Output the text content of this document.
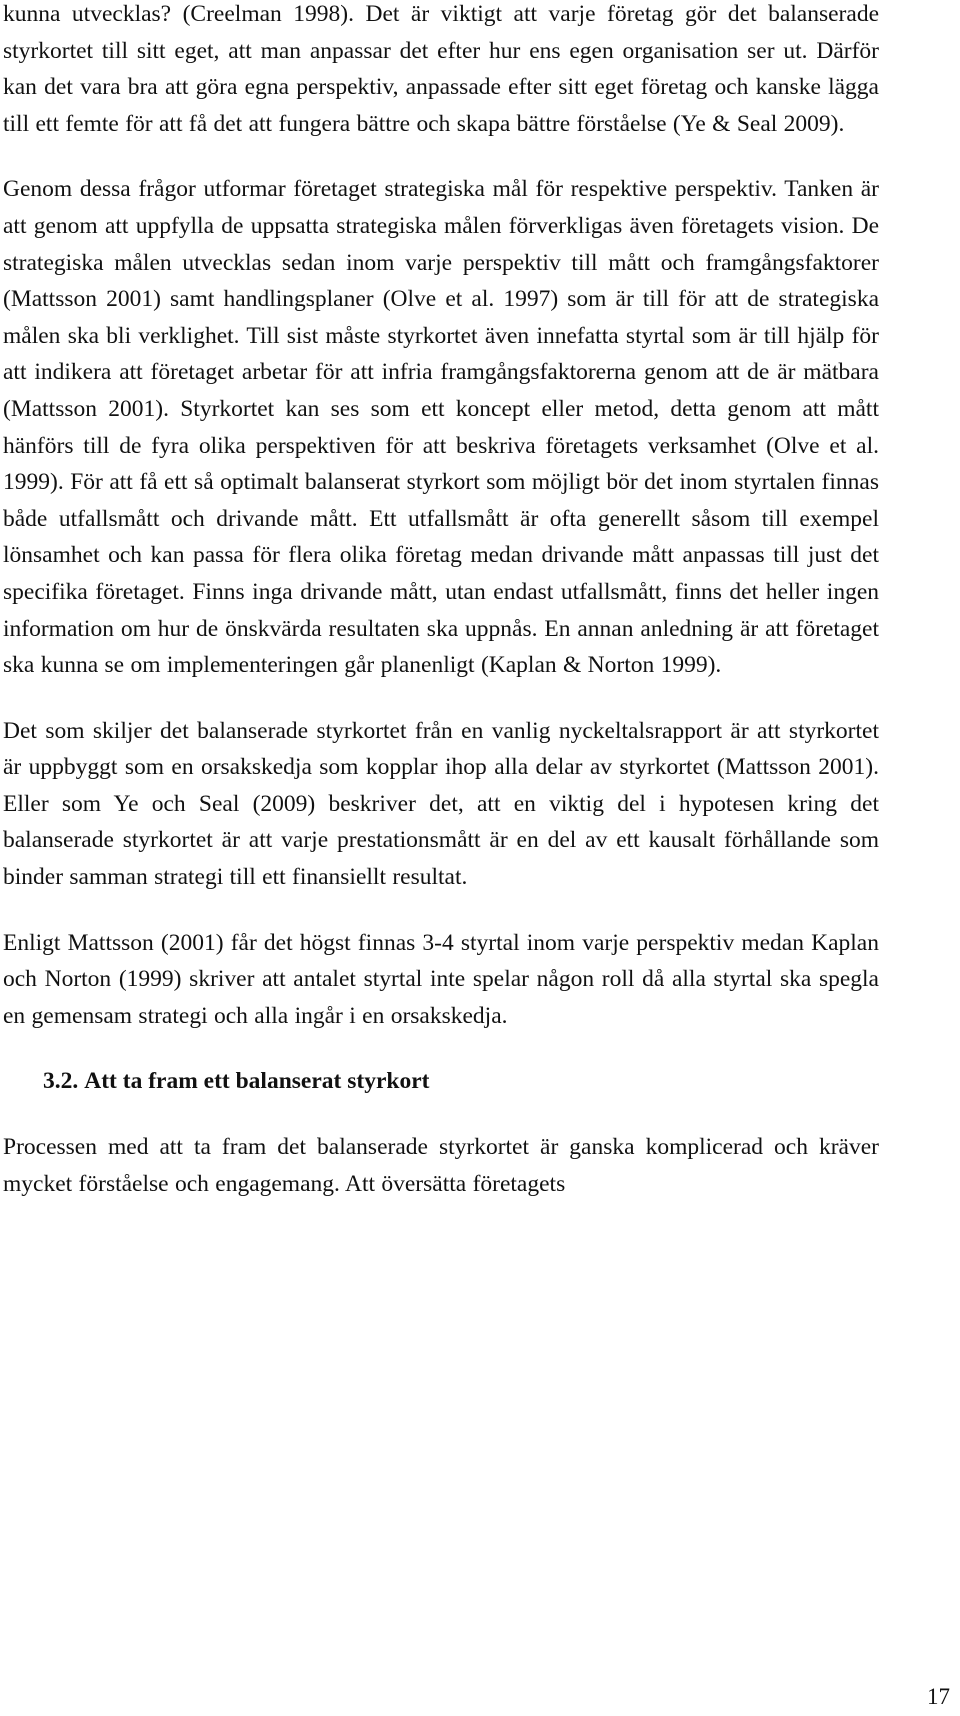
kunna utvecklas? (Creelman 1998). Det är viktigt att varje företag gör det balanserade styrkortet till sitt eget, att man anpassar det efter hur ens egen organisation ser ut. Därför kan det vara bra att göra egna perspektiv, anpassade efter sitt eget företag och kanske lägga till ett femte för att få det att fungera bättre och skapa bättre förståelse (Ye & Seal 2009).

Genom dessa frågor utformar företaget strategiska mål för respektive perspektiv. Tanken är att genom att uppfylla de uppsatta strategiska målen förverkligas även företagets vision. De strategiska målen utvecklas sedan inom varje perspektiv till mått och framgångsfaktorer (Mattsson 2001) samt handlingsplaner (Olve et al. 1997) som är till för att de strategiska målen ska bli verklighet. Till sist måste styrkortet även innefatta styrtal som är till hjälp för att indikera att företaget arbetar för att infria framgångsfaktorerna genom att de är mätbara (Mattsson 2001). Styrkortet kan ses som ett koncept eller metod, detta genom att mått hänförs till de fyra olika perspektiven för att beskriva företagets verksamhet (Olve et al. 1999). För att få ett så optimalt balanserat styrkort som möjligt bör det inom styrtalen finnas både utfallsmått och drivande mått. Ett utfallsmått är ofta generellt såsom till exempel lönsamhet och kan passa för flera olika företag medan drivande mått anpassas till just det specifika företaget. Finns inga drivande mått, utan endast utfallsmått, finns det heller ingen information om hur de önskvärda resultaten ska uppnås. En annan anledning är att företaget ska kunna se om implementeringen går planenligt (Kaplan & Norton 1999).

Det som skiljer det balanserade styrkortet från en vanlig nyckeltalsrapport är att styrkortet är uppbyggt som en orsakskedja som kopplar ihop alla delar av styrkortet (Mattsson 2001). Eller som Ye och Seal (2009) beskriver det, att en viktig del i hypotesen kring det balanserade styrkortet är att varje prestationsmått är en del av ett kausalt förhållande som binder samman strategi till ett finansiellt resultat.

Enligt Mattsson (2001) får det högst finnas 3-4 styrtal inom varje perspektiv medan Kaplan och Norton (1999) skriver att antalet styrtal inte spelar någon roll då alla styrtal ska spegla en gemensam strategi och alla ingår i en orsakskedja.

3.2. Att ta fram ett balanserat styrkort

Processen med att ta fram det balanserade styrkortet är ganska komplicerad och kräver mycket förståelse och engagemang. Att översätta företagets

17
